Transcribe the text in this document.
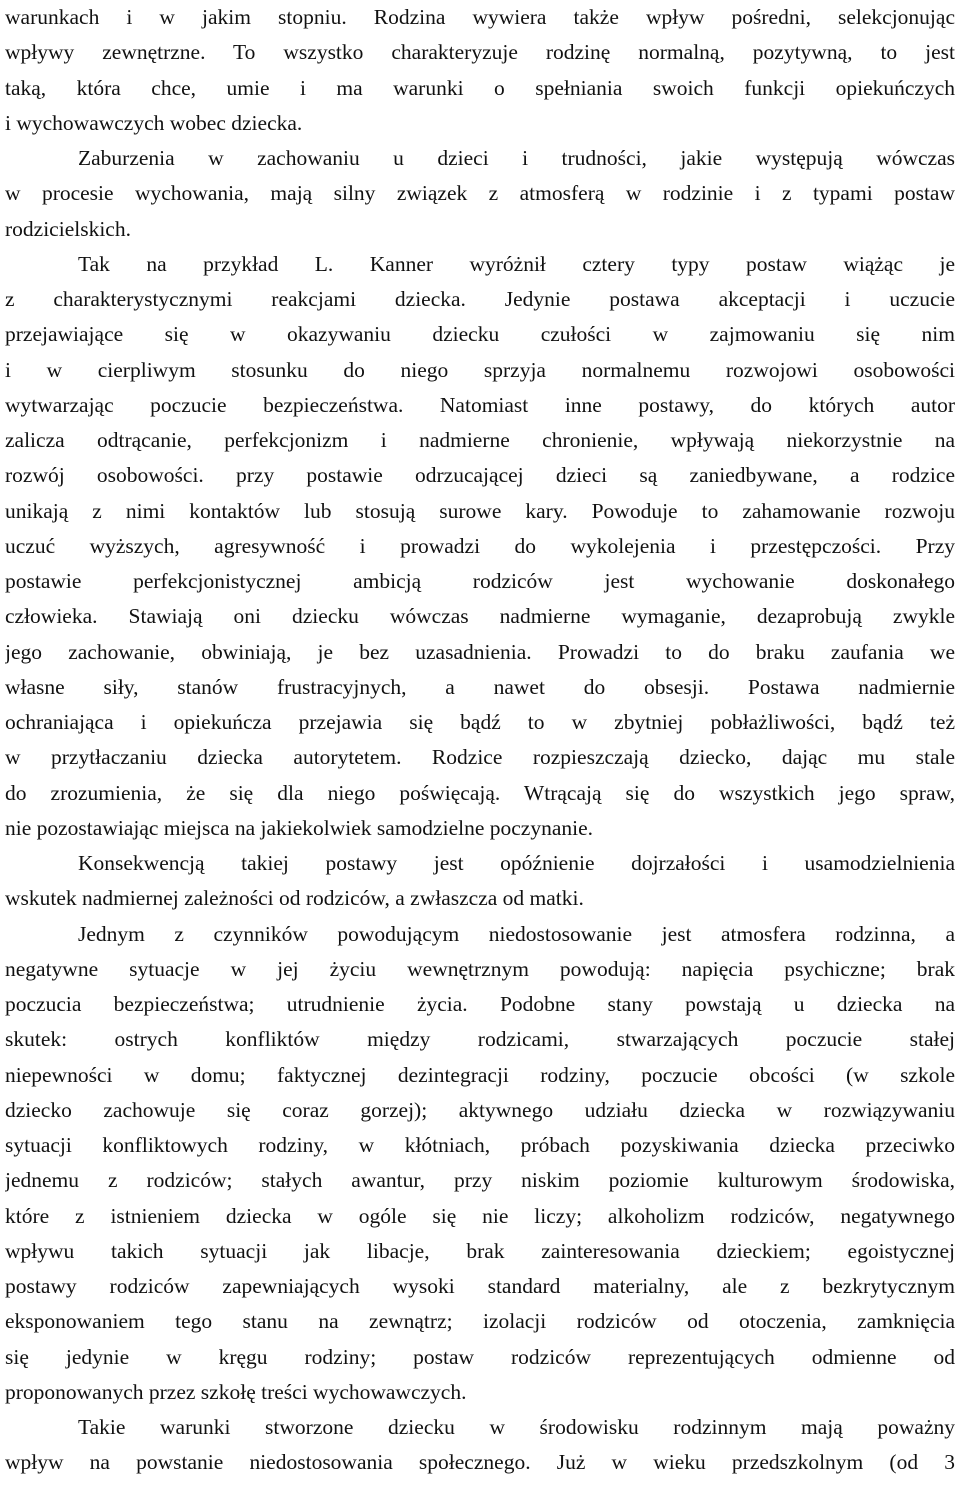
warunkach i w jakim stopniu. Rodzina wywiera także wpływ pośredni, selekcjonując
wpływy zewnętrzne. To wszystko charakteryzuje rodzinę normalną, pozytywną, to jest
taką, która chce, umie i ma warunki o spełniania swoich funkcji opiekuńczych
i wychowawczych wobec dziecka.
Zaburzenia w zachowaniu u dzieci i trudności, jakie występują wówczas
w procesie wychowania, mają silny związek z atmosferą w rodzinie i z typami postaw
rodzicielskich.
Tak na przykład L. Kanner wyróżnił cztery typy postaw wiążąc je
z charakterystycznymi reakcjami dziecka. Jedynie postawa akceptacji i uczucie
przejawiające się w okazywaniu dziecku czułości w zajmowaniu się nim
i w cierpliwym stosunku do niego sprzyja normalnemu rozwojowi osobowości
wytwarzając poczucie bezpieczeństwa. Natomiast inne postawy, do których autor
zalicza odtrącanie, perfekcjonizm i nadmierne chronienie, wpływają niekorzystnie na
rozwój osobowości. przy postawie odrzucającej dzieci są zaniedbywane, a rodzice
unikają z nimi kontaktów lub stosują surowe kary. Powoduje to zahamowanie rozwoju
uczuć wyższych, agresywność i prowadzi do wykolejenia i przestępczości. Przy
postawie perfekcjonistycznej ambicją rodziców jest wychowanie doskonałego
człowieka. Stawiają oni dziecku wówczas nadmierne wymaganie, dezaprobują zwykle
jego zachowanie, obwiniają, je bez uzasadnienia. Prowadzi to do braku zaufania we
własne siły, stanów frustracyjnych, a nawet do obsesji. Postawa nadmiernie
ochraniająca i opiekuńcza przejawia się bądź to w zbytniej pobłażliwości, bądź też
w przytłaczaniu dziecka autorytetem. Rodzice rozpieszczają dziecko, dając mu stale
do zrozumienia, że się dla niego poświęcają. Wtrącają się do wszystkich jego spraw,
nie pozostawiając miejsca na jakiekolwiek samodzielne poczynanie.
Konsekwencją takiej postawy jest opóźnienie dojrzałości i usamodzielnienia
wskutek nadmiernej zależności od rodziców, a zwłaszcza od matki.
Jednym z czynników powodującym niedostosowanie jest atmosfera rodzinna, a
negatywne sytuacje w jej życiu wewnętrznym powodują: napięcia psychiczne; brak
poczucia bezpieczeństwa; utrudnienie życia. Podobne stany powstają u dziecka na
skutek: ostrych konfliktów między rodzicami, stwarzających poczucie stałej
niepewności w domu; faktycznej dezintegracji rodziny, poczucie obcości (w szkole
dziecko zachowuje się coraz gorzej); aktywnego udziału dziecka w rozwiązywaniu
sytuacji konfliktowych rodziny, w kłótniach, próbach pozyskiwania dziecka przeciwko
jednemu z rodziców; stałych awantur, przy niskim poziomie kulturowym środowiska,
które z istnieniem dziecka w ogóle się nie liczy; alkoholizm rodziców, negatywnego
wpływu takich sytuacji jak libacje, brak zainteresowania dzieckiem; egoistycznej
postawy rodziców zapewniających wysoki standard materialny, ale z bezkrytycznym
eksponowaniem tego stanu na zewnątrz; izolacji rodziców od otoczenia, zamknięcia
się jedynie w kręgu rodziny; postaw rodziców reprezentujących odmienne od
proponowanych przez szkołę treści wychowawczych.
Takie warunki stworzone dziecku w środowisku rodzinnym mają poważny
wpływ na powstanie niedostosowania społecznego. Już w wieku przedszkolnym (od 3
